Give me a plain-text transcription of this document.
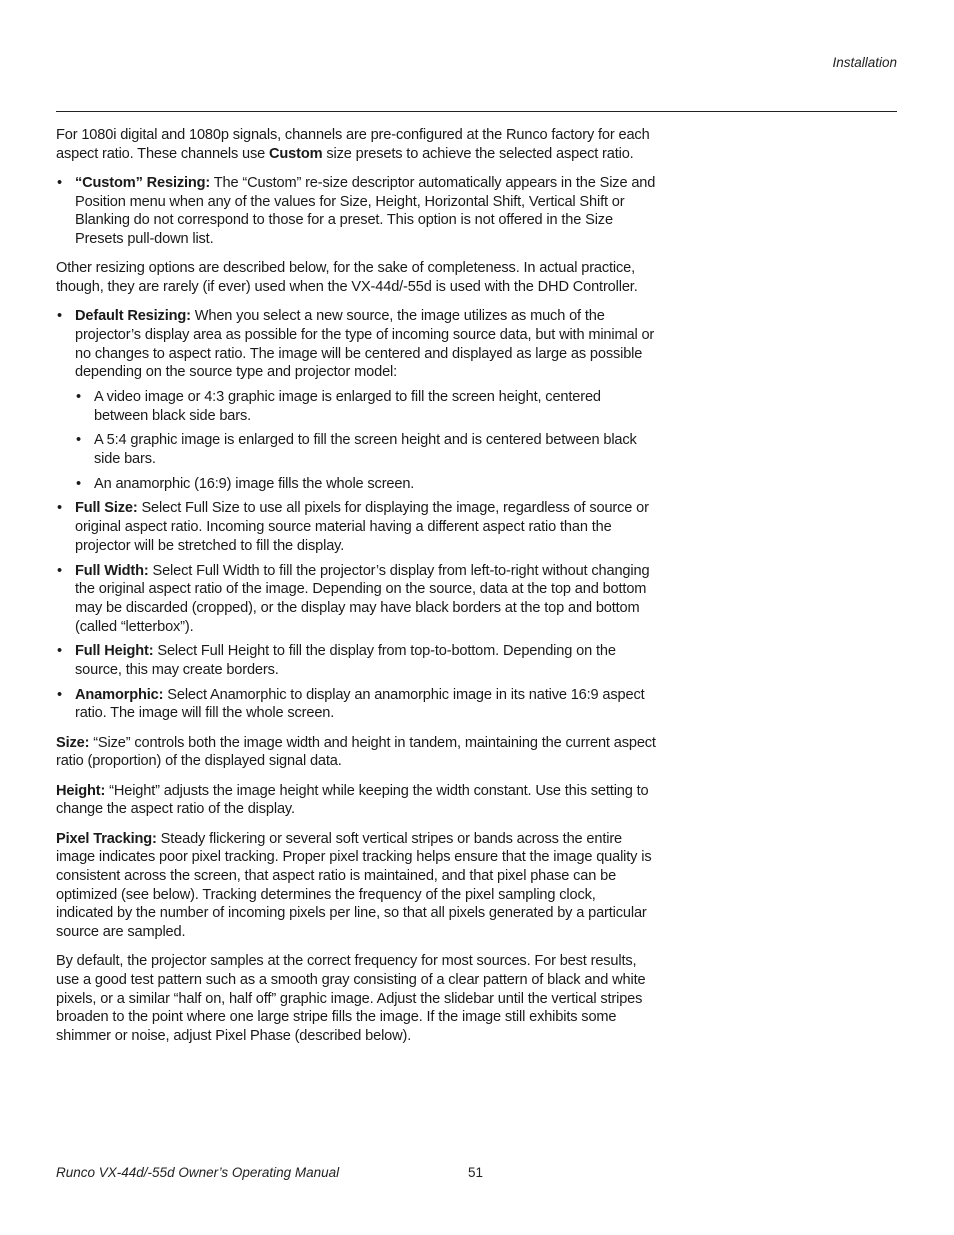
Installation

For 1080i digital and 1080p signals, channels are pre-configured at the Runco factory for each aspect ratio. These channels use Custom size presets to achieve the selected aspect ratio.

• “Custom” Resizing: The “Custom” re-size descriptor automatically appears in the Size and Position menu when any of the values for Size, Height, Horizontal Shift, Vertical Shift or Blanking do not correspond to those for a preset. This option is not offered in the Size Presets pull-down list.

Other resizing options are described below, for the sake of completeness. In actual practice, though, they are rarely (if ever) used when the VX-44d/-55d is used with the DHD Controller.

• Default Resizing: When you select a new source, the image utilizes as much of the projector’s display area as possible for the type of incoming source data, but with minimal or no changes to aspect ratio. The image will be centered and displayed as large as possible depending on the source type and projector model:
• A video image or 4:3 graphic image is enlarged to fill the screen height, centered between black side bars.
• A 5:4 graphic image is enlarged to fill the screen height and is centered between black side bars.
• An anamorphic (16:9) image fills the whole screen.
• Full Size: Select Full Size to use all pixels for displaying the image, regardless of source or original aspect ratio. Incoming source material having a different aspect ratio than the projector will be stretched to fill the display.
• Full Width: Select Full Width to fill the projector’s display from left-to-right without changing the original aspect ratio of the image. Depending on the source, data at the top and bottom may be discarded (cropped), or the display may have black borders at the top and bottom (called “letterbox”).
• Full Height: Select Full Height to fill the display from top-to-bottom. Depending on the source, this may create borders.
• Anamorphic: Select Anamorphic to display an anamorphic image in its native 16:9 aspect ratio. The image will fill the whole screen.

Size: “Size” controls both the image width and height in tandem, maintaining the current aspect ratio (proportion) of the displayed signal data.

Height: “Height” adjusts the image height while keeping the width constant. Use this setting to change the aspect ratio of the display.

Pixel Tracking: Steady flickering or several soft vertical stripes or bands across the entire image indicates poor pixel tracking. Proper pixel tracking helps ensure that the image quality is consistent across the screen, that aspect ratio is maintained, and that pixel phase can be optimized (see below). Tracking determines the frequency of the pixel sampling clock, indicated by the number of incoming pixels per line, so that all pixels generated by a particular source are sampled.

By default, the projector samples at the correct frequency for most sources. For best results, use a good test pattern such as a smooth gray consisting of a clear pattern of black and white pixels, or a similar “half on, half off” graphic image. Adjust the slidebar until the vertical stripes broaden to the point where one large stripe fills the image. If the image still exhibits some shimmer or noise, adjust Pixel Phase (described below).

Runco VX-44d/-55d Owner’s Operating Manual	51
